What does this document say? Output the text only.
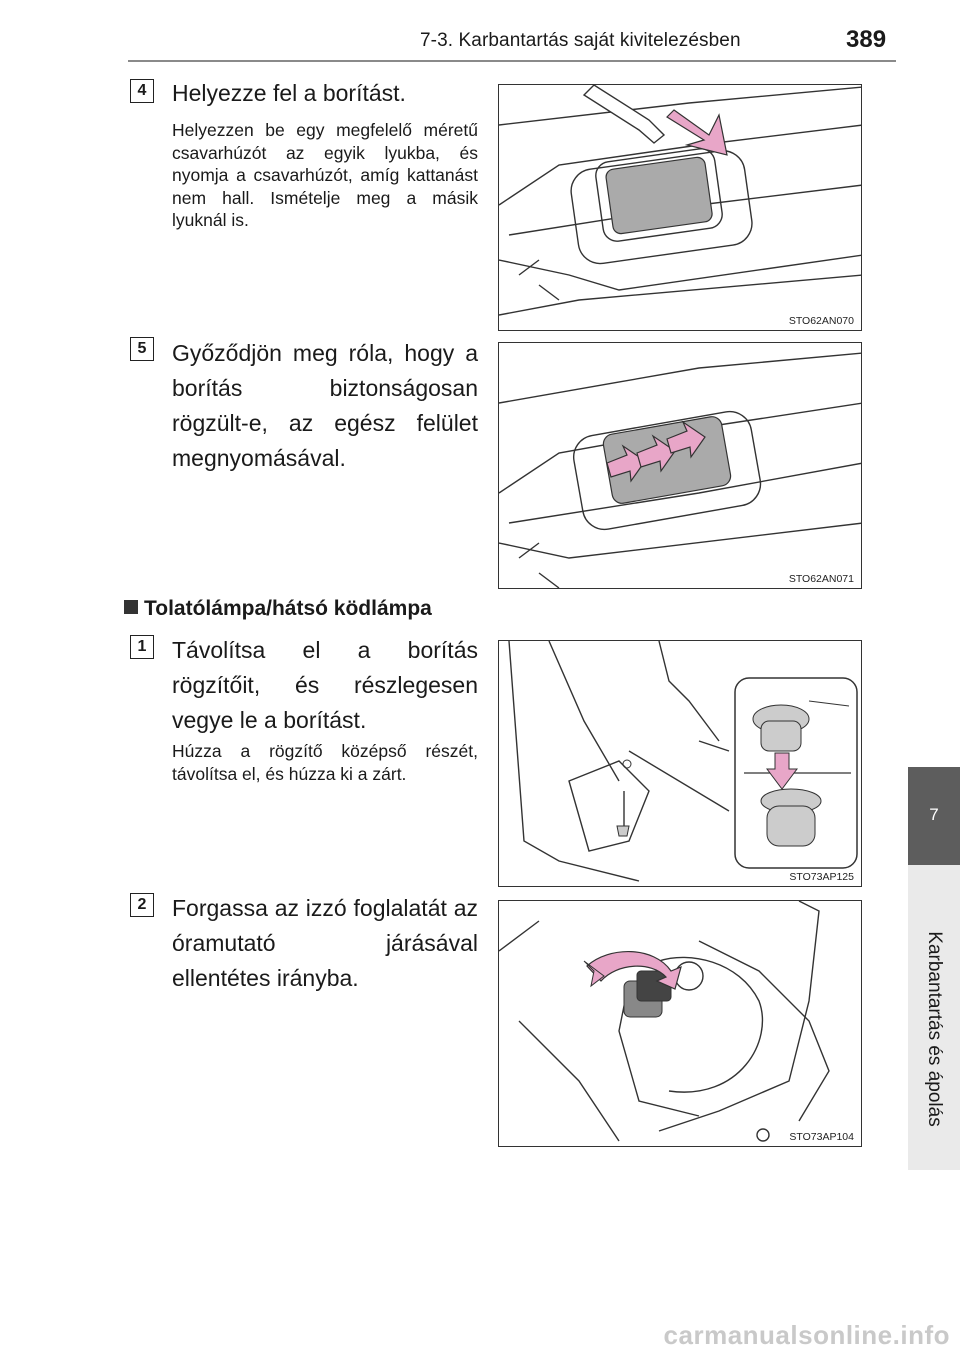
7-3. Karbantartás saját kivitelezésben	389
7
Karbantartás és ápolás
4	Helyezze fel a borítást.
Helyezzen be egy megfelelő méretű csavarhúzót az egyik lyukba, és nyomja a csavarhúzót, amíg kattanást nem hall. Ismételje meg a másik lyuknál is.
STO62AN070
5	Győződjön meg róla, hogy a borítás biztonságosan rögzült-e, az egész felület megnyomásával.
STO62AN071
Tolatólámpa/hátsó ködlámpa
1	Távolítsa el a borítás rögzítőit, és részlegesen vegye le a borítást.
Húzza a rögzítő középső részét, távolítsa el, és húzza ki a zárt.
STO73AP125
2	Forgassa az izzó foglalatát az óramutató járásával ellentétes irányba.
STO73AP104
carmanualsonline.info
